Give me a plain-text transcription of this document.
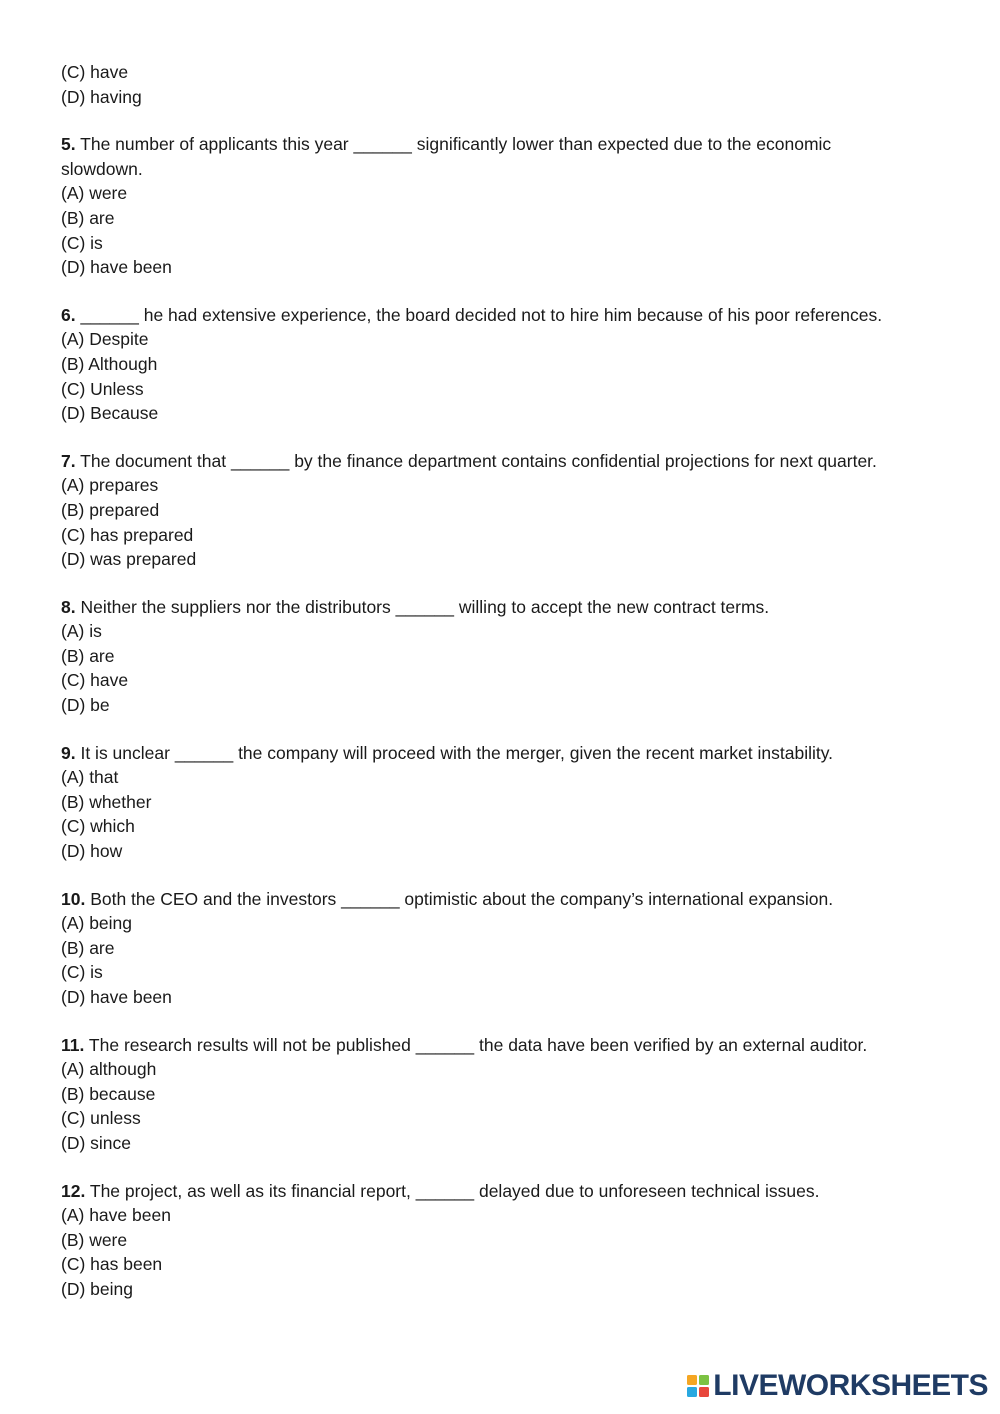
(C) have
(D) having
5. The number of applicants this year ______ significantly lower than expected due to the economic slowdown.
(A) were
(B) are
(C) is
(D) have been
6. ______ he had extensive experience, the board decided not to hire him because of his poor references.
(A) Despite
(B) Although
(C) Unless
(D) Because
7. The document that ______ by the finance department contains confidential projections for next quarter.
(A) prepares
(B) prepared
(C) has prepared
(D) was prepared
8. Neither the suppliers nor the distributors ______ willing to accept the new contract terms.
(A) is
(B) are
(C) have
(D) be
9. It is unclear ______ the company will proceed with the merger, given the recent market instability.
(A) that
(B) whether
(C) which
(D) how
10. Both the CEO and the investors ______ optimistic about the company’s international expansion.
(A) being
(B) are
(C) is
(D) have been
11. The research results will not be published ______ the data have been verified by an external auditor.
(A) although
(B) because
(C) unless
(D) since
12. The project, as well as its financial report, ______ delayed due to unforeseen technical issues.
(A) have been
(B) were
(C) has been
(D) being
LIVEWORKSHEETS
